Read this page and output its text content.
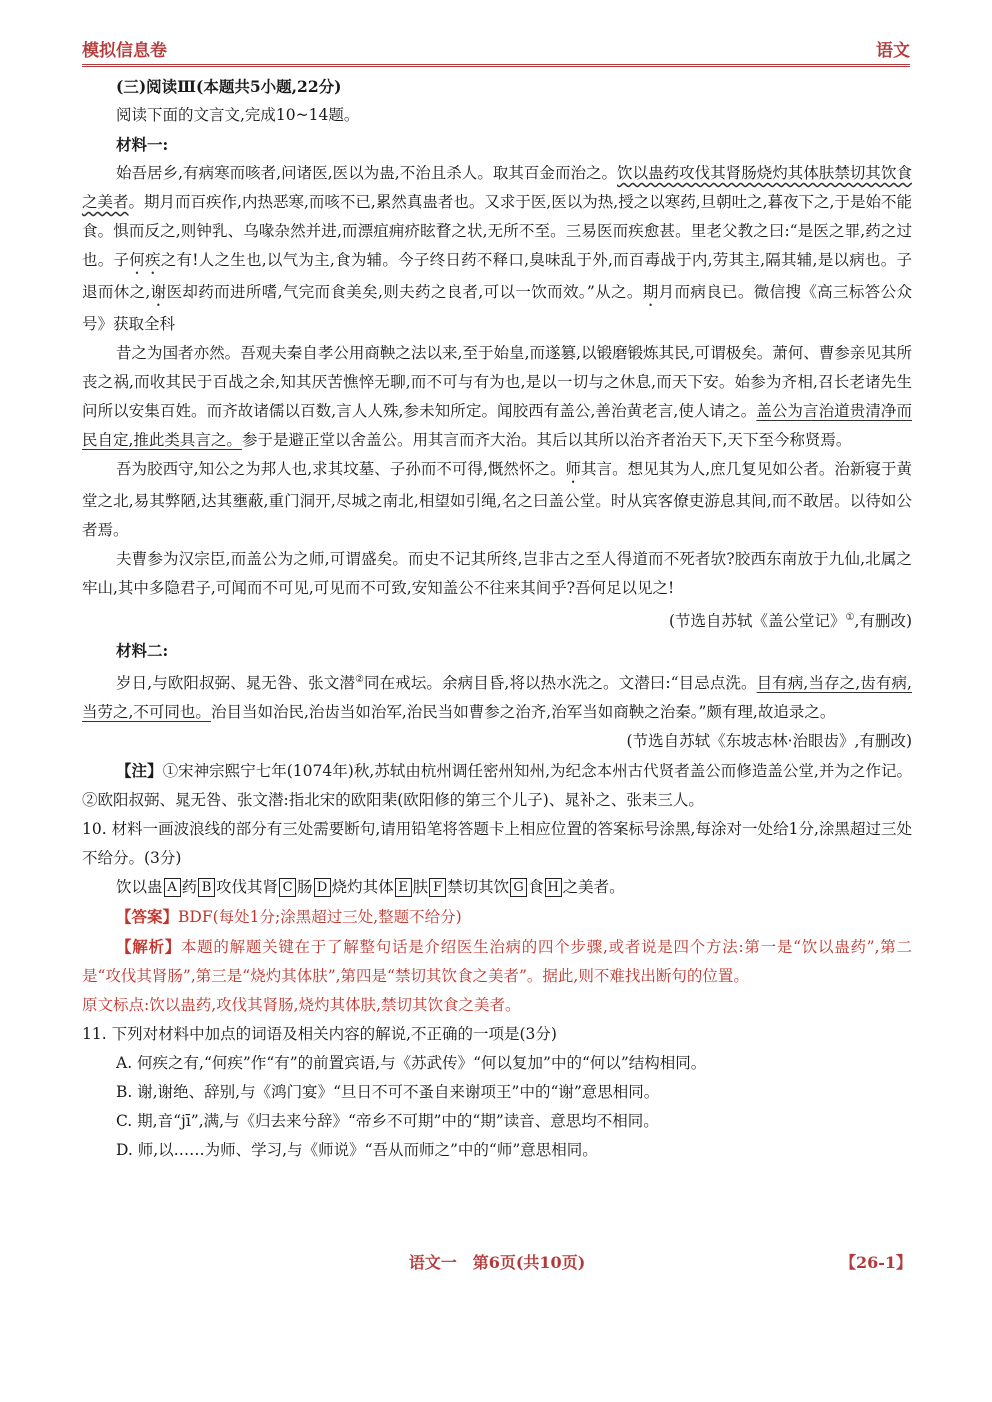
模拟信息卷	语文

(三)阅读Ⅲ(本题共5小题,22分)

阅读下面的文言文,完成10~14题。

材料一:

始吾居乡,有病寒而咳者,问诸医,医以为蛊,不治且杀人。取其百金而治之。饮以蛊药攻伐其肾肠烧灼其体肤禁切其饮食之美者。期月而百疾作,内热恶寒,而咳不已,累然真蛊者也。又求于医,医以为热,授之以寒药,旦朝吐之,暮夜下之,于是始不能食。惧而反之,则钟乳、乌喙杂然并进,而漂疽痈疥眩瞀之状,无所不至。三易医而疾愈甚。里老父教之曰:“是医之罪,药之过也。子何疾之有!人之生也,以气为主,食为辅。今子终日药不释口,臭味乱于外,而百毒战于内,劳其主,隔其辅,是以病也。子退而休之,谢医却药而进所嗜,气完而食美矣,则夫药之良者,可以一饮而效。”从之。期月而病良已。微信搜《高三标答公众号》获取全科

昔之为国者亦然。吾观夫秦自孝公用商鞅之法以来,至于始皇,而遂篡,以锻磨锻炼其民,可谓极矣。萧何、曹参亲见其所丧之祸,而收其民于百战之余,知其厌苦憔悴无聊,而不可与有为也,是以一切与之休息,而天下安。始参为齐相,召长老诸先生问所以安集百姓。而齐故诸儒以百数,言人人殊,参未知所定。闻胶西有盖公,善治黄老言,使人请之。盖公为言治道贵清净而民自定,推此类具言之。参于是避正堂以舍盖公。用其言而齐大治。其后以其所以治齐者治天下,天下至今称贤焉。

吾为胶西守,知公之为邦人也,求其坟墓、子孙而不可得,慨然怀之。师其言。想见其为人,庶几复见如公者。治新寝于黄堂之北,易其弊陋,达其壅蔽,重门洞开,尽城之南北,相望如引绳,名之曰盖公堂。时从宾客僚吏游息其间,而不敢居。以待如公者焉。

夫曹参为汉宗臣,而盖公为之师,可谓盛矣。而史不记其所终,岂非古之至人得道而不死者欤?胶西东南放于九仙,北属之牢山,其中多隐君子,可闻而不可见,可见而不可致,安知盖公不往来其间乎?吾何足以见之!

(节选自苏轼《盖公堂记》①,有删改)

材料二:

岁日,与欧阳叔弼、晁无咎、张文潜②同在戒坛。余病目昏,将以热水洗之。文潜曰:“目忌点洗。目有病,当存之,齿有病,当劳之,不可同也。治目当如治民,治齿当如治军,治民当如曹参之治齐,治军当如商鞅之治秦。”颇有理,故追录之。

(节选自苏轼《东坡志林·治眼齿》,有删改)

【注】①宋神宗熙宁七年(1074年)秋,苏轼由杭州调任密州知州,为纪念本州古代贤者盖公而修造盖公堂,并为之作记。②欧阳叔弼、晁无咎、张文潜:指北宋的欧阳棐(欧阳修的第三个儿子)、晁补之、张耒三人。

10. 材料一画波浪线的部分有三处需要断句,请用铅笔将答题卡上相应位置的答案标号涂黑,每涂对一处给1分,涂黑超过三处不给分。(3分)

饮以蛊 A 药 B 攻伐其肾 C 肠 D 烧灼其体 E 肤 F 禁切其饮 G 食 H 之美者。

【答案】BDF(每处1分;涂黑超过三处,整题不给分)

【解析】本题的解题关键在于了解整句话是介绍医生治病的四个步骤,或者说是四个方法:第一是“饮以蛊药”,第二是“攻伐其肾肠”,第三是“烧灼其体肤”,第四是“禁切其饮食之美者”。据此,则不难找出断句的位置。

原文标点:饮以蛊药,攻伐其肾肠,烧灼其体肤,禁切其饮食之美者。

11. 下列对材料中加点的词语及相关内容的解说,不正确的一项是(3分)

A. 何疾之有,“何疾”作“有”的前置宾语,与《苏武传》“何以复加”中的“何以”结构相同。

B. 谢,谢绝、辞别,与《鸿门宴》“旦日不可不蚤自来谢项王”中的“谢”意思相同。

C. 期,音“jī”,满,与《归去来兮辞》“帝乡不可期”中的“期”读音、意思均不相同。

D. 师,以……为师、学习,与《师说》“吾从而师之”中的“师”意思相同。

语文一　第6页(共10页)	【26-1】
